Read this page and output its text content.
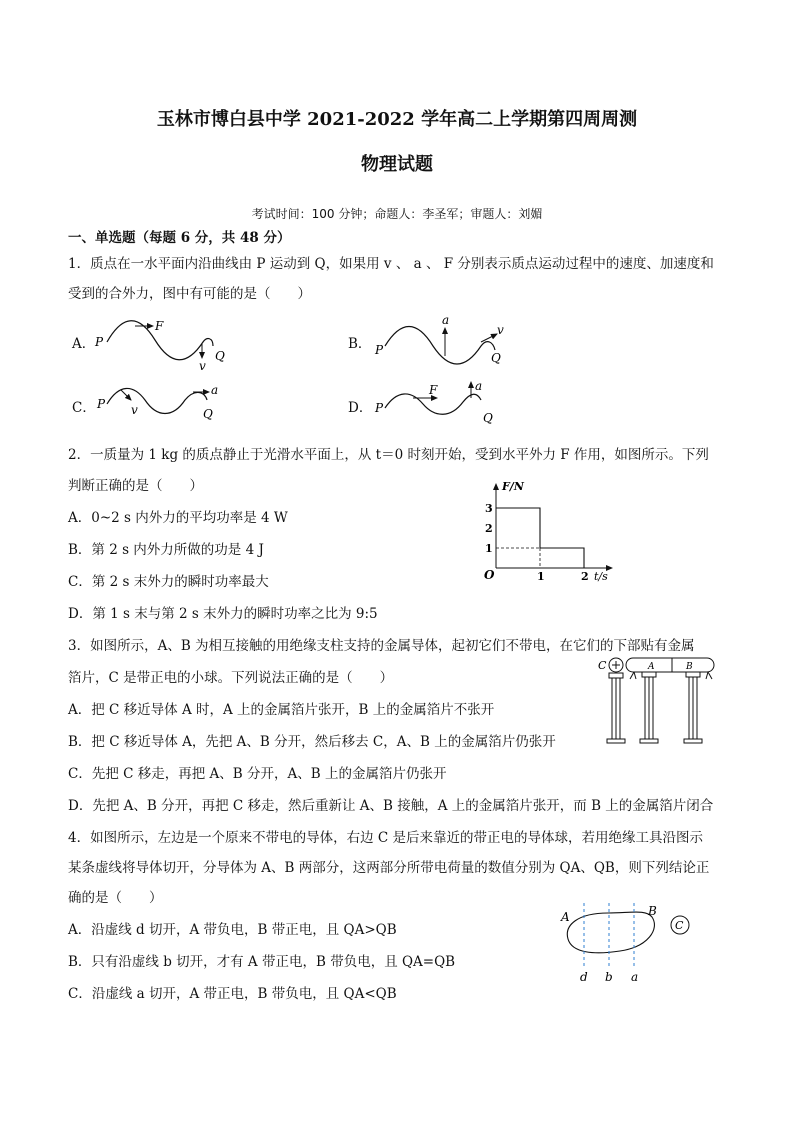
玉林市博白县中学 2021-2022 学年高二上学期第四周周测
物理试题
考试时间：100 分钟；命题人：李圣军；审题人：刘媚
一、单选题（每题 6 分，共 48 分）
1．质点在一水平面内沿曲线由 P 运动到 Q，如果用 v 、 a 、 F 分别表示质点运动过程中的速度、加速度和
受到的合外力，图中有可能的是（　　）
A．	B．
C．	D．
P
F
v
Q	P
a
v
Q
P v
a
Q	P
F	a
Q
2．一质量为 1 kg 的质点静止于光滑水平面上，从 t＝0 时刻开始，受到水平外力 F 作用，如图所示。下列
判断正确的是（　　）
A．0~2 s 内外力的平均功率是 4 W
B．第 2 s 内外力所做的功是 4 J
C．第 2 s 末外力的瞬时功率最大
D．第 1 s 末与第 2 s 末外力的瞬时功率之比为 9:5
1
2
3
1	2
F/N
t/s
O
3．如图所示，A、B 为相互接触的用绝缘支柱支持的金属导体，起初它们不带电，在它们的下部贴有金属
箔片，C 是带正电的小球。下列说法正确的是（　　）
A．把 C 移近导体 A 时，A 上的金属箔片张开，B 上的金属箔片不张开
B．把 C 移近导体 A，先把 A、B 分开，然后移去 C，A、B 上的金属箔片仍张开
C．先把 C 移走，再把 A、B 分开，A、B 上的金属箔片仍张开
D．先把 A、B 分开，再把 C 移走，然后重新让 A、B 接触，A 上的金属箔片张开，而 B 上的金属箔片闭合
C	A	B
4．如图所示，左边是一个原来不带电的导体，右边 C 是后来靠近的带正电的导体球，若用绝缘工具沿图示
某条虚线将导体切开，分导体为 A、B 两部分，这两部分所带电荷量的数值分别为 QA、QB，则下列结论正
确的是（　　）
A．沿虚线 d 切开，A 带负电，B 带正电，且 QA>QB
B．只有沿虚线 b 切开，才有 A 带正电，B 带负电，且 QA=QB
C．沿虚线 a 切开，A 带正电，B 带负电，且 QA<QB
A	B
C
d b a
